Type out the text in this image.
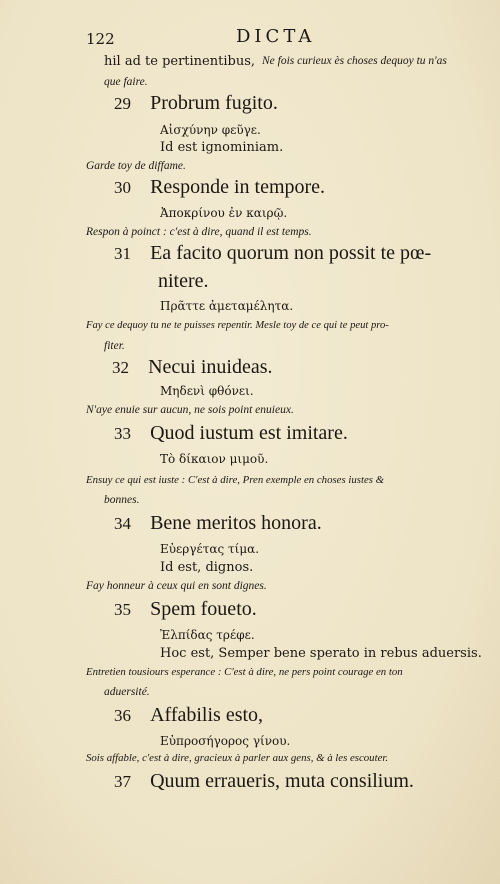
122	DICTA
hil ad te pertinentibus, Ne fois curieux ès choses dequoy tu n'as
que faire.
29 Probrum fugito.
Αἰσχύνην φεῦγε.
Id est ignominiam.
Garde toy de diffame.
30 Responde in tempore.
Ἀποκρίνου ἐν καιρῷ.
Respon à poinct : c'est à dire, quand il est temps.
31 Ea facito quorum non possit te pœ-
nitere.
Πρᾶττε ἀμεταμέλητα.
Fay ce dequoy tu ne te puisses repentir. Mesle toy de ce qui te peut pro-
fiter.
32 Necui inuideas.
Μηδενὶ φθόνει.
N'aye enuie sur aucun, ne sois point enuieux.
33 Quod iustum est imitare.
Τὸ δίκαιον μιμοῦ.
Ensuy ce qui est iuste : C'est à dire, Pren exemple en choses iustes &
bonnes.
34 Bene meritos honora.
Εὐεργέτας τίμα.
Id est, dignos.
Fay honneur à ceux qui en sont dignes.
35 Spem foueto.
Ἐλπίδας τρέφε.
Hoc est, Semper bene sperato in rebus aduersis.
Entretien tousiours esperance : C'est à dire, ne pers point courage en ton
aduersité.
36 Affabilis esto,
Εὐπροσήγορος γίνου.
Sois affable, c'est à dire, gracieux à parler aux gens, & à les escouter.
37 Quum erraueris, muta consilium.
